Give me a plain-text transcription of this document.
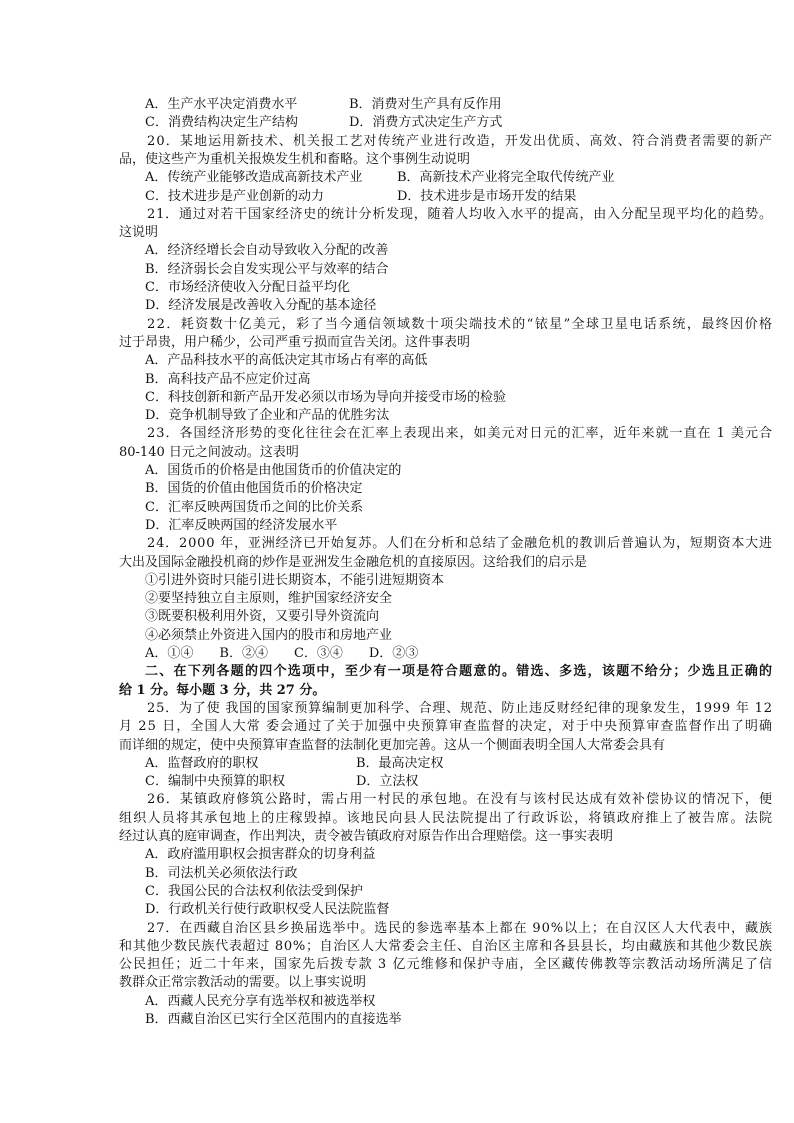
A．生产水平决定消费水平	B．消费对生产具有反作用
C．消费结构决定生产结构	D．消费方式决定生产方式
20．某地运用新技术、机关报工艺对传统产业进行改造，开发出优质、高效、符合消费者需要的新产
品，使这些产为重机关报焕发生机和畜略。这个事例生动说明
A．传统产业能够改造成高新技术产业	B．高新技术产业将完全取代传统产业
C．技术进步是产业创新的动力	D．技术进步是市场开发的结果
21．通过对若干国家经济史的统计分析发现，随着人均收入水平的提高，由入分配呈现平均化的趋势。
这说明
A．经济经增长会自动导致收入分配的改善
B．经济弱长会自发实现公平与效率的结合
C．市场经济使收入分配日益平均化
D．经济发展是改善收入分配的基本途径
22．耗资数十亿美元，彩了当今通信领域数十项尖端技术的“铱星”全球卫星电话系统，最终因价格
过于昂贵，用户稀少，公司严重亏损而宣告关闭。这件事表明
A．产品科技水平的高低决定其市场占有率的高低
B．高科技产品不应定价过高
C．科技创新和新产品开发必须以市场为导向并接受市场的检验
D．竞争机制导致了企业和产品的优胜劣汰
23．各国经济形势的变化往往会在汇率上表现出来，如美元对日元的汇率，近年来就一直在 1 美元合
80-140 日元之间波动。这表明
A．国货币的价格是由他国货币的价值决定的
B．国货的价值由他国货币的价格决定
C．汇率反映两国货币之间的比价关系
D．汇率反映两国的经济发展水平
24．2000 年，亚洲经济已开始复苏。人们在分析和总结了金融危机的教训后普遍认为，短期资本大进
大出及国际金融投机商的炒作是亚洲发生金融危机的直接原因。这给我们的启示是
①引进外资时只能引进长期资本，不能引进短期资本
②要坚持独立自主原则，维护国家经济安全
③既要积极利用外资，又要引导外资流向
④必须禁止外资进入国内的股市和房地产业
A．①④　　B．②④　　C．③④　　D．②③
二、在下列各题的四个选项中，至少有一项是符合题意的。错选、多选，该题不给分；少选且正确的
给 1 分。每小题 3 分，共 27 分。
25．为了使 我国的国家预算编制更加科学、合理、规范、防止违反财经纪律的现象发生，1999 年 12
月 25 日，全国人大常 委会通过了关于加强中央预算审查监督的决定，对于中央预算审查监督作出了明确
而详细的规定，使中央预算审查监督的法制化更加完善。这从一个侧面表明全国人大常委会具有
A．监督政府的职权	B．最高决定权
C．编制中央预算的职权	D．立法权
26．某镇政府修筑公路时，需占用一村民的承包地。在没有与该村民达成有效补偿协议的情况下，便
组织人员将其承包地上的庄稼毁掉。该地民向县人民法院提出了行政诉讼，将镇政府推上了被告席。法院
经过认真的庭审调查，作出判决，责令被告镇政府对原告作出合理赔偿。这一事实表明
A．政府滥用职权会损害群众的切身利益
B．司法机关必须依法行政
C．我国公民的合法权利依法受到保护
D．行政机关行使行政职权受人民法院监督
27．在西藏自治区县乡换届选举中。选民的参选率基本上都在 90%以上；在自汉区人大代表中，藏族
和其他少数民族代表超过 80%；自治区人大常委会主任、自治区主席和各县县长，均由藏族和其他少数民族
公民担任；近二十年来，国家先后拨专款 3 亿元维修和保护寺庙，全区藏传佛教等宗教活动场所满足了信
教群众正常宗教活动的需要。以上事实说明
A．西藏人民充分享有选举权和被选举权
B．西藏自治区已实行全区范围内的直接选举
